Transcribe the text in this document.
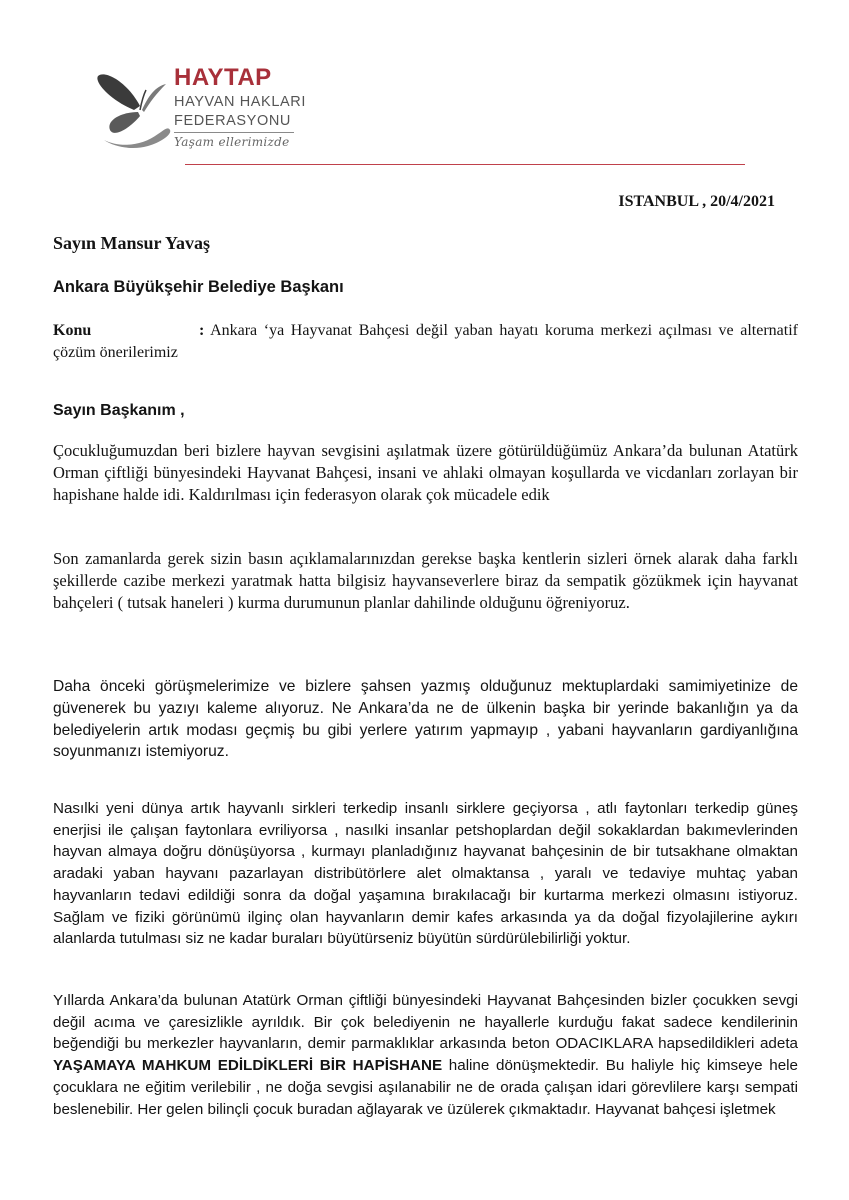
HAYTAP
HAYVAN HAKLARI
FEDERASYONU
Yaşam ellerimizde
ISTANBUL , 20/4/2021
Sayın Mansur Yavaş
Ankara Büyükşehir Belediye Başkanı
Konu	: Ankara ‘ya Hayvanat Bahçesi değil yaban hayatı koruma merkezi açılması ve alternatif çözüm önerilerimiz
Sayın Başkanım ,
Çocukluğumuzdan beri bizlere hayvan sevgisini aşılatmak üzere götürüldüğümüz Ankara’da bulunan Atatürk Orman çiftliği bünyesindeki Hayvanat Bahçesi, insani ve ahlaki olmayan koşullarda ve vicdanları zorlayan bir hapishane halde idi. Kaldırılması için federasyon olarak çok mücadele edik
Son zamanlarda gerek sizin basın açıklamalarınızdan gerekse başka kentlerin sizleri örnek alarak daha farklı şekillerde cazibe merkezi yaratmak hatta bilgisiz hayvanseverlere biraz da sempatik gözükmek için hayvanat bahçeleri ( tutsak haneleri ) kurma durumunun planlar dahilinde olduğunu öğreniyoruz.
Daha önceki görüşmelerimize ve bizlere şahsen yazmış olduğunuz mektuplardaki samimiyetinize de güvenerek bu yazıyı kaleme alıyoruz. Ne Ankara’da ne de ülkenin başka bir yerinde bakanlığın ya da belediyelerin artık modası geçmiş bu gibi yerlere yatırım yapmayıp , yabani hayvanların gardiyanlığına soyunmanızı istemiyoruz.
Nasılki yeni dünya artık hayvanlı sirkleri terkedip insanlı sirklere geçiyorsa , atlı faytonları terkedip güneş enerjisi ile çalışan faytonlara evriliyorsa , nasılki insanlar petshoplardan değil sokaklardan bakımevlerinden hayvan almaya doğru dönüşüyorsa , kurmayı planladığınız hayvanat bahçesinin de bir tutsakhane olmaktan aradaki yaban hayvanı pazarlayan distribütörlere alet olmaktansa , yaralı ve tedaviye muhtaç yaban hayvanların tedavi edildiği sonra da doğal yaşamına bırakılacağı bir kurtarma merkezi olmasını istiyoruz. Sağlam ve fiziki görünümü ilginç olan hayvanların demir kafes arkasında ya da doğal fizyolajilerine aykırı alanlarda tutulması siz ne kadar buraları büyütürseniz büyütün sürdürülebilirliği yoktur.
Yıllarda Ankara’da bulunan Atatürk Orman çiftliği bünyesindeki Hayvanat Bahçesinden bizler çocukken sevgi değil acıma ve çaresizlikle ayrıldık. Bir çok belediyenin ne hayallerle kurduğu fakat sadece kendilerinin beğendiği bu merkezler hayvanların, demir parmaklıklar arkasında beton ODACIKLARA hapsedildikleri adeta YAŞAMAYA MAHKUM EDİLDİKLERİ BİR HAPİSHANE haline dönüşmektedir. Bu haliyle hiç kimseye hele çocuklara ne eğitim verilebilir , ne doğa sevgisi aşılanabilir ne de orada çalışan idari görevlilere karşı sempati beslenebilir. Her gelen bilinçli çocuk buradan ağlayarak ve üzülerek çıkmaktadır. Hayvanat bahçesi işletmek
